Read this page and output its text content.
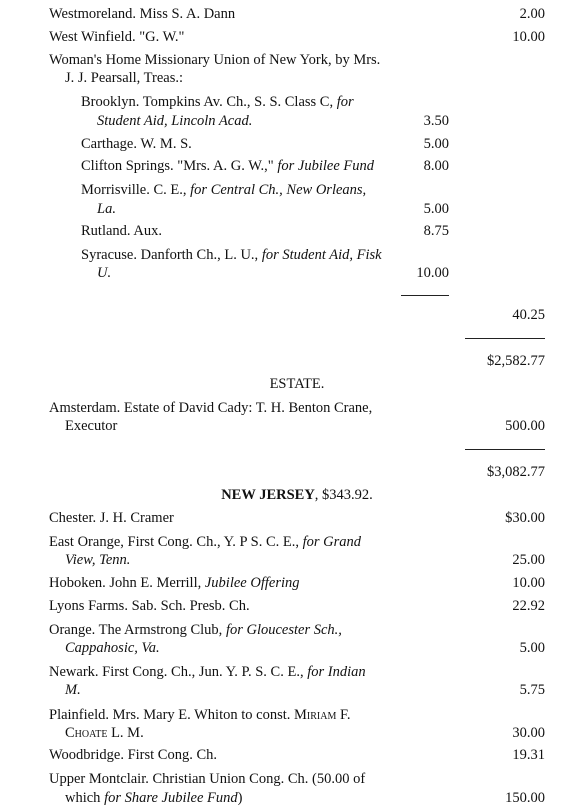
Westmoreland. Miss S. A. Dann	2.00
West Winfield. "G. W."	10.00
Woman's Home Missionary Union of New York, by Mrs.
J. J. Pearsall, Treas.:
Brooklyn. Tompkins Av. Ch., S. S. Class C, for
Student Aid, Lincoln Acad.	3.50
Carthage. W. M. S.	5.00
Clifton Springs. "Mrs. A. G. W.," for Jubilee Fund	8.00
Morrisville. C. E., for Central Ch., New Orleans,
La.	5.00
Rutland. Aux.	8.75
Syracuse. Danforth Ch., L. U., for Student Aid, Fisk
U.	10.00
40.25
$2,582.77
ESTATE.
Amsterdam. Estate of David Cady: T. H. Benton Crane,
Executor	500.00
$3,082.77
NEW JERSEY, $343.92.
Chester. J. H. Cramer	$30.00
East Orange, First Cong. Ch., Y. P S. C. E., for Grand
View, Tenn.	25.00
Hoboken. John E. Merrill, Jubilee Offering	10.00
Lyons Farms. Sab. Sch. Presb. Ch.	22.92
Orange. The Armstrong Club, for Gloucester Sch.,
Cappahosic, Va.	5.00
Newark. First Cong. Ch., Jun. Y. P. S. C. E., for Indian
M.	5.75
Plainfield. Mrs. Mary E. Whiton to const. Miriam F.
Choate L. M.	30.00
Woodbridge. First Cong. Ch.	19.31
Upper Montclair. Christian Union Cong. Ch. (50.00 of
which for Share Jubilee Fund)	150.00
